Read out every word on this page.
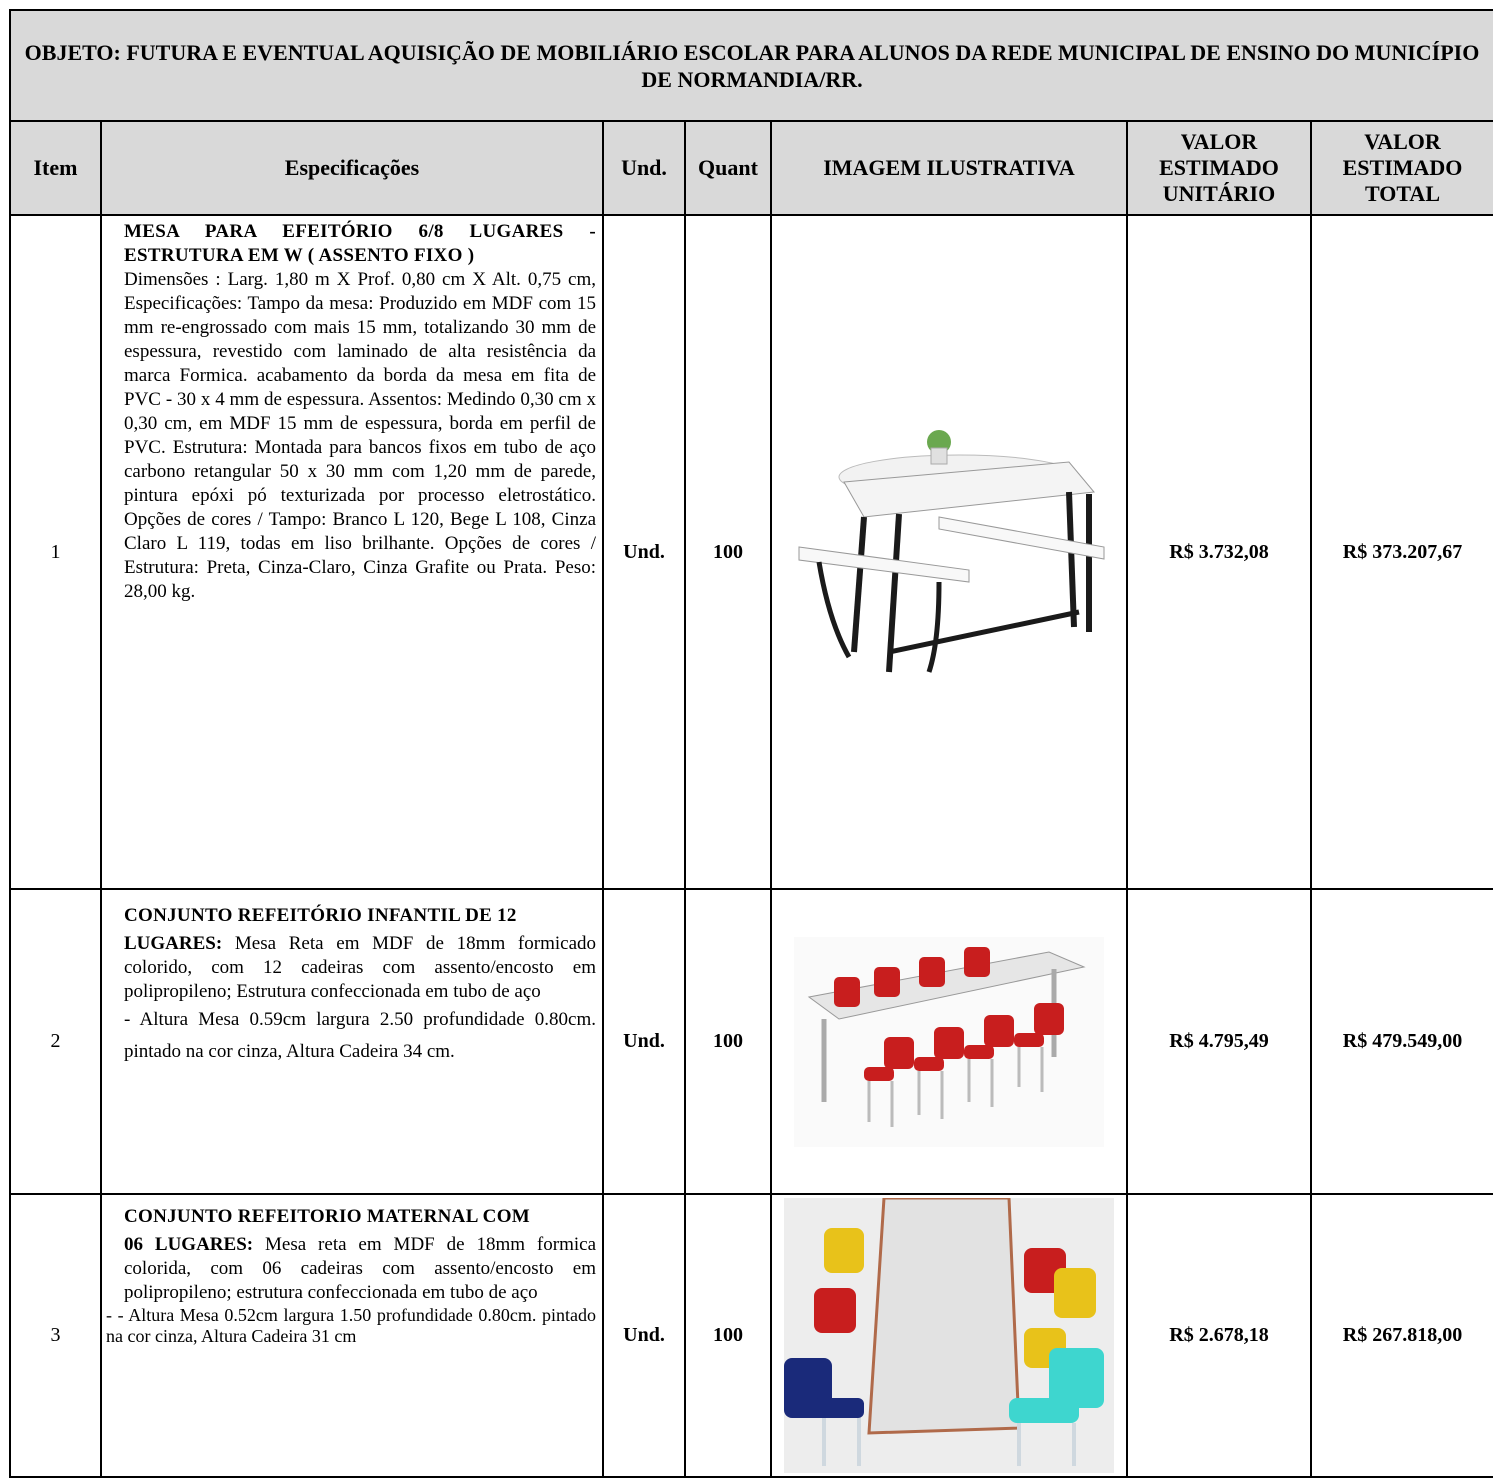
OBJETO: FUTURA E EVENTUAL AQUISIÇÃO DE MOBILIÁRIO ESCOLAR PARA ALUNOS DA REDE MUNICIPAL DE ENSINO DO MUNICÍPIO DE NORMANDIA/RR.						
Item	Especificações	Und.	Quant	IMAGEM ILUSTRATIVA	VALOR ESTIMADO UNITÁRIO	VALOR ESTIMADO TOTAL
1	MESA PARA EFEITÓRIO 6/8 LUGARES - ESTRUTURA EM W ( ASSENTO FIXO )

Dimensões : Larg. 1,80 m X Prof. 0,80 cm X Alt. 0,75 cm, Especificações: Tampo da mesa: Produzido em MDF com 15 mm re-engrossado com mais 15 mm, totalizando 30 mm de espessura, revestido com laminado de alta resistência da marca Formica. acabamento da borda da mesa em fita de PVC - 30 x 4 mm de espessura. Assentos: Medindo 0,30 cm x 0,30 cm, em MDF 15 mm de espessura, borda em perfil de PVC. Estrutura: Montada para bancos fixos em tubo de aço carbono retangular 50 x 30 mm com 1,20 mm de parede, pintura epóxi pó texturizada por processo eletrostático. Opções de cores / Tampo: Branco L 120, Bege L 108, Cinza Claro L 119, todas em liso brilhante. Opções de cores / Estrutura: Preta, Cinza-Claro, Cinza Grafite ou Prata. Peso: 28,00 kg.	Und.	100		R$ 3.732,08	R$ 373.207,67
2	CONJUNTO REFEITÓRIO INFANTIL DE 12

LUGARES: Mesa Reta em MDF de 18mm formicado colorido, com 12 cadeiras com assento/encosto em polipropileno; Estrutura confeccionada em tubo de aço

- Altura Mesa 0.59cm largura 2.50 profundidade 0.80cm. pintado na cor cinza, Altura Cadeira 34 cm.	Und.	100		R$ 4.795,49	R$ 479.549,00
3	CONJUNTO REFEITORIO MATERNAL COM

06 LUGARES: Mesa reta em MDF de 18mm formica colorida, com 06 cadeiras com assento/encosto em polipropileno; estrutura confeccionada em tubo de aço

- - Altura Mesa 0.52cm largura 1.50 profundidade 0.80cm. pintado na cor cinza, Altura Cadeira 31 cm	Und.	100		R$ 2.678,18	R$ 267.818,00
